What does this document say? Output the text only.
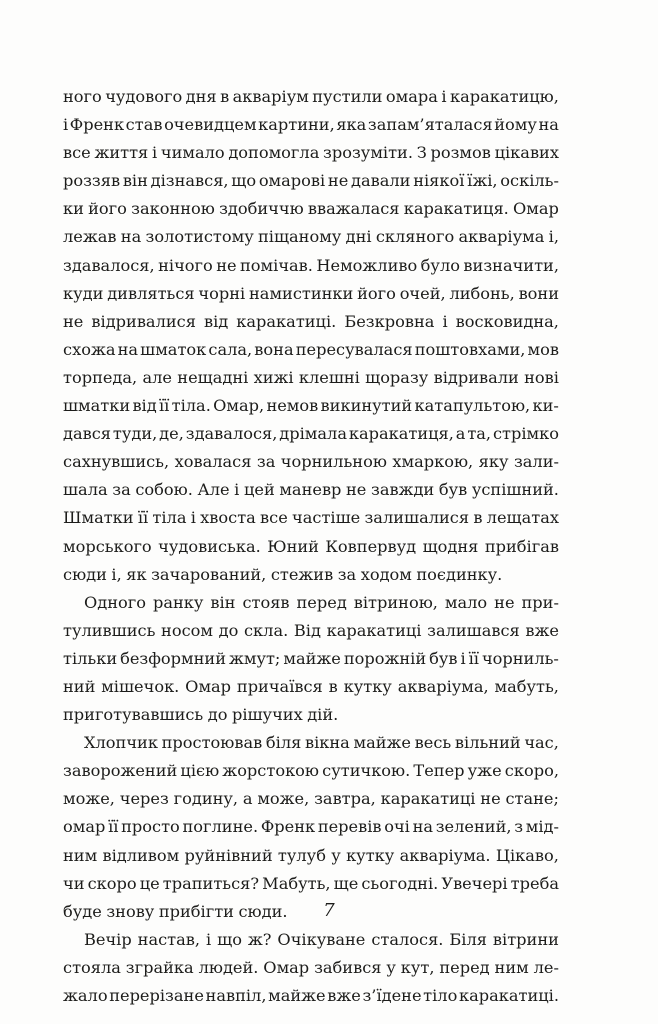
ного чудового дня в акваріум пустили омара і каракатицю,
і Френк став очевидцем картини, яка запам’яталася йому на
все життя і чимало допомогла зрозуміти. З розмов цікавих
роззяв він дізнався, що омарові не давали ніякої їжі, оскіль-
ки його законною здобиччю вважалася каракатиця. Омар
лежав на золотистому піщаному дні скляного акваріума і,
здавалося, нічого не помічав. Неможливо було визначити,
куди дивляться чорні намистинки його очей, либонь, вони
не відривалися від каракатиці. Безкровна і восковидна,
схожа на шматок сала, вона пересувалася поштовхами, мов
торпеда, але нещадні хижі клешні щоразу відривали нові
шматки від її тіла. Омар, немов викинутий катапультою, ки-
дався туди, де, здавалося, дрімала каракатиця, а та, стрімко
сахнувшись, ховалася за чорнильною хмаркою, яку зали-
шала за собою. Але і цей маневр не завжди був успішний.
Шматки її тіла і хвоста все частіше залишалися в лещатах
морського чудовиська. Юний Ковпервуд щодня прибігав
сюди і, як зачарований, стежив за ходом поєдинку.
Одного ранку він стояв перед вітриною, мало не при-
тулившись носом до скла. Від каракатиці залишався вже
тільки безформний жмут; майже порожній був і її чорниль-
ний мішечок. Омар причаївся в кутку акваріума, мабуть,
приготувавшись до рішучих дій.
Хлопчик простоював біля вікна майже весь вільний час,
заворожений цією жорстокою сутичкою. Тепер уже скоро,
може, через годину, а може, завтра, каракатиці не стане;
омар її просто поглине. Френк перевів очі на зелений, з мід-
ним відливом руйнівний тулуб у кутку акваріума. Цікаво,
чи скоро це трапиться? Мабуть, ще сьогодні. Увечері треба
буде знову прибігти сюди.
Вечір настав, і що ж? Очікуване сталося. Біля вітрини
стояла зграйка людей. Омар забився у кут, перед ним ле-
жало перерізане навпіл, майже вже з’їдене тіло каракатиці.
7
